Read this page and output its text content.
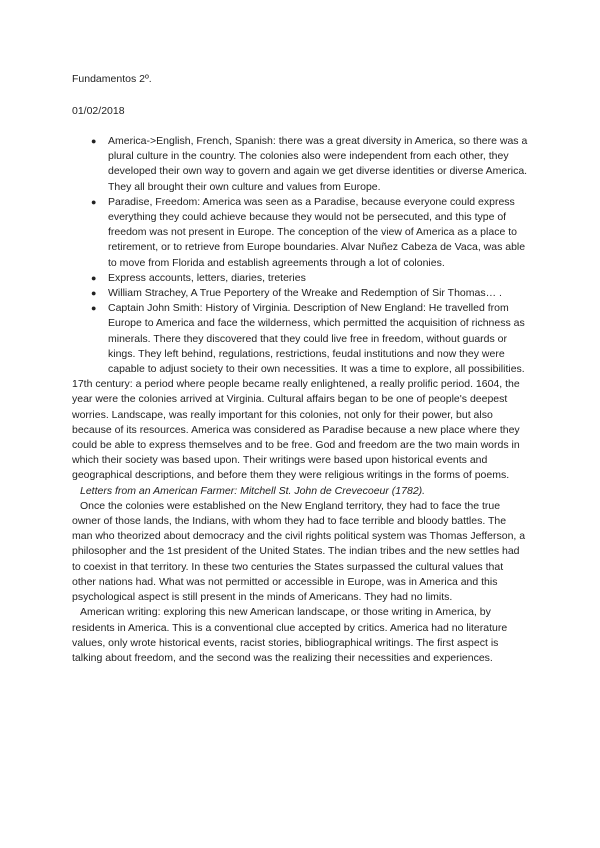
Fundamentos 2º.
01/02/2018
● America->English, French, Spanish: there was a great diversity in America, so there was a plural culture in the country. The colonies also were independent from each other, they developed their own way to govern and again we get diverse identities or diverse America. They all brought their own culture and values from Europe.
● Paradise, Freedom: America was seen as a Paradise, because everyone could express everything they could achieve because they would not be persecuted, and this type of freedom was not present in Europe. The conception of the view of America as a place to retirement, or to retrieve from Europe boundaries. Alvar Nuñez Cabeza de Vaca, was able to move from Florida and establish agreements through a lot of colonies.
● Express accounts, letters, diaries, treteries
● William Strachey, A True Peportery of the Wreake and Redemption of Sir Thomas… .
● Captain John Smith: History of Virginia. Description of New England: He travelled from Europe to America and face the wilderness, which permitted the acquisition of richness as minerals. There they discovered that they could live free in freedom, without guards or kings. They left behind, regulations, restrictions, feudal institutions and now they were capable to adjust society to their own necessities. It was a time to explore, all possibilities.

17th century: a period where people became really enlightened, a really prolific period. 1604, the year were the colonies arrived at Virginia. Cultural affairs began to be one of people's deepest worries. Landscape, was really important for this colonies, not only for their power, but also because of its resources. America was considered as Paradise because a new place where they could be able to express themselves and to be free. God and freedom are the two main words in which their society was based upon. Their writings were based upon historical events and geographical descriptions, and before them they were religious writings in the forms of poems.

Letters from an American Farmer: Mitchell St. John de Crevecoeur (1782).

Once the colonies were established on the New England territory, they had to face the true owner of those lands, the Indians, with whom they had to face terrible and bloody battles. The man who theorized about democracy and the civil rights political system was Thomas Jefferson, a philosopher and the 1st president of the United States. The indian tribes and the new settles had to coexist in that territory. In these two centuries the States surpassed the cultural values that other nations had. What was not permitted or accessible in Europe, was in America and this psychological aspect is still present in the minds of Americans. They had no limits.

American writing: exploring this new American landscape, or those writing in America, by residents in America. This is a conventional clue accepted by critics. America had no literature values, only wrote historical events, racist stories, bibliographical writings. The first aspect is talking about freedom, and the second was the realizing their necessities and experiences.
